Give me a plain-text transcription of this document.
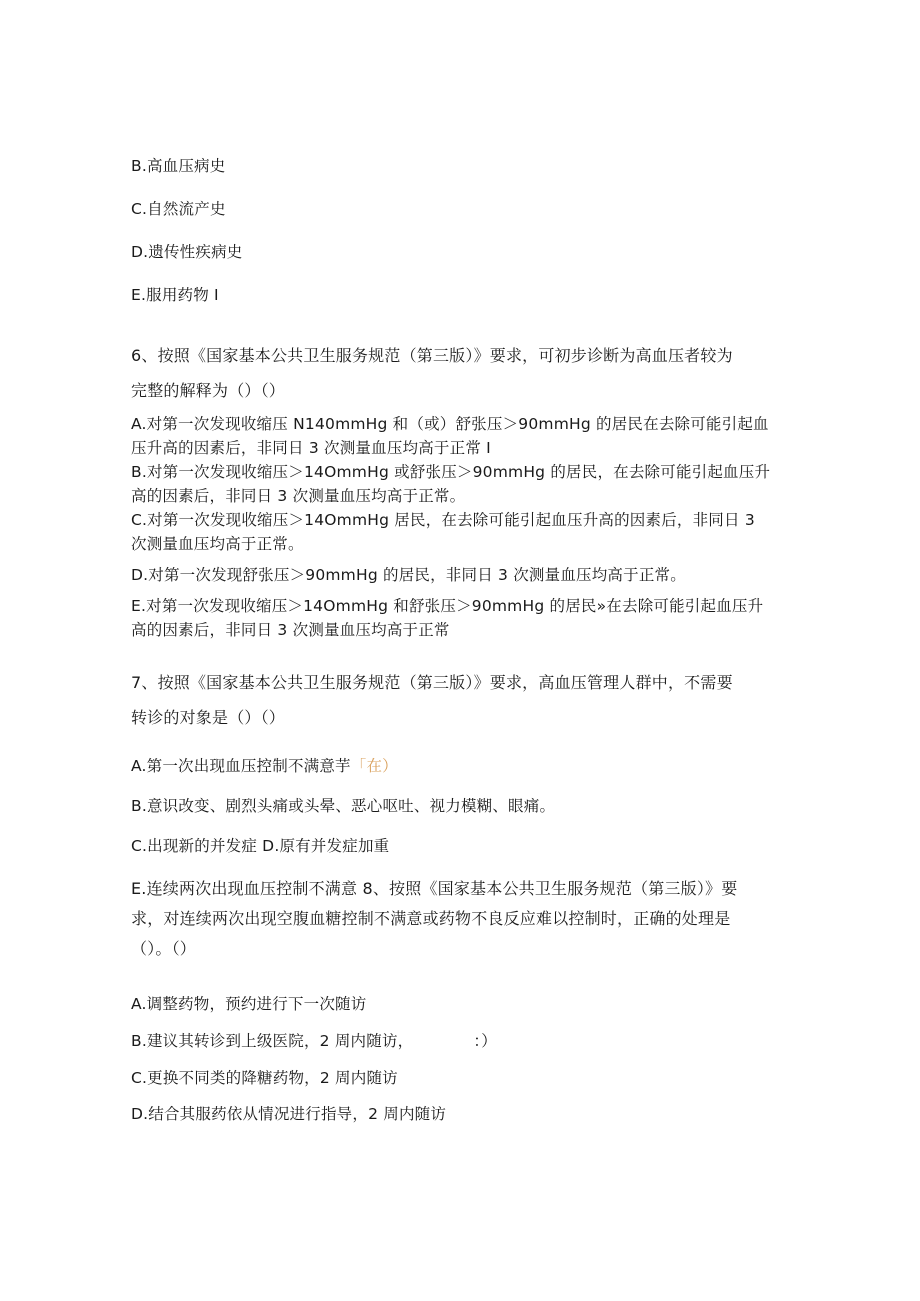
B.高血压病史
C.自然流产史
D.遗传性疾病史
E.服用药物 I
6、按照《国家基本公共卫生服务规范（第三版）》要求，可初步诊断为高血压者较为
完整的解释为（）（）
A.对第一次发现收缩压 N140mmHg 和（或）舒张压＞90mmHg 的居民在去除可能引起血
压升高的因素后，非同日 3 次测量血压均高于正常 I
B.对第一次发现收缩压＞14OmmHg 或舒张压＞90mmHg 的居民，在去除可能引起血压升
高的因素后，非同日 3 次测量血压均高于正常。
C.对第一次发现收缩压＞14OmmHg 居民，在去除可能引起血压升高的因素后，非同日 3
次测量血压均高于正常。
D.对第一次发现舒张压＞90mmHg 的居民，非同日 3 次测量血压均高于正常。
E.对第一次发现收缩压＞14OmmHg 和舒张压＞90mmHg 的居民»在去除可能引起血压升
高的因素后，非同日 3 次测量血压均高于正常
7、按照《国家基本公共卫生服务规范（第三版）》要求，高血压管理人群中，不需要
转诊的对象是（）（）
A.第一次出现血压控制不满意芋「在）
B.意识改变、剧烈头痛或头晕、恶心呕吐、视力模糊、眼痛。
C.出现新的并发症 D.原有并发症加重
E.连续两次出现血压控制不满意 8、按照《国家基本公共卫生服务规范（第三版）》要
求，对连续两次出现空腹血糖控制不满意或药物不良反应难以控制时，正确的处理是
（）。（）
A.调整药物，预约进行下一次随访
B.建议其转诊到上级医院，2 周内随访，	：）
C.更换不同类的降糖药物，2 周内随访
D.结合其服药依从情况进行指导，2 周内随访
